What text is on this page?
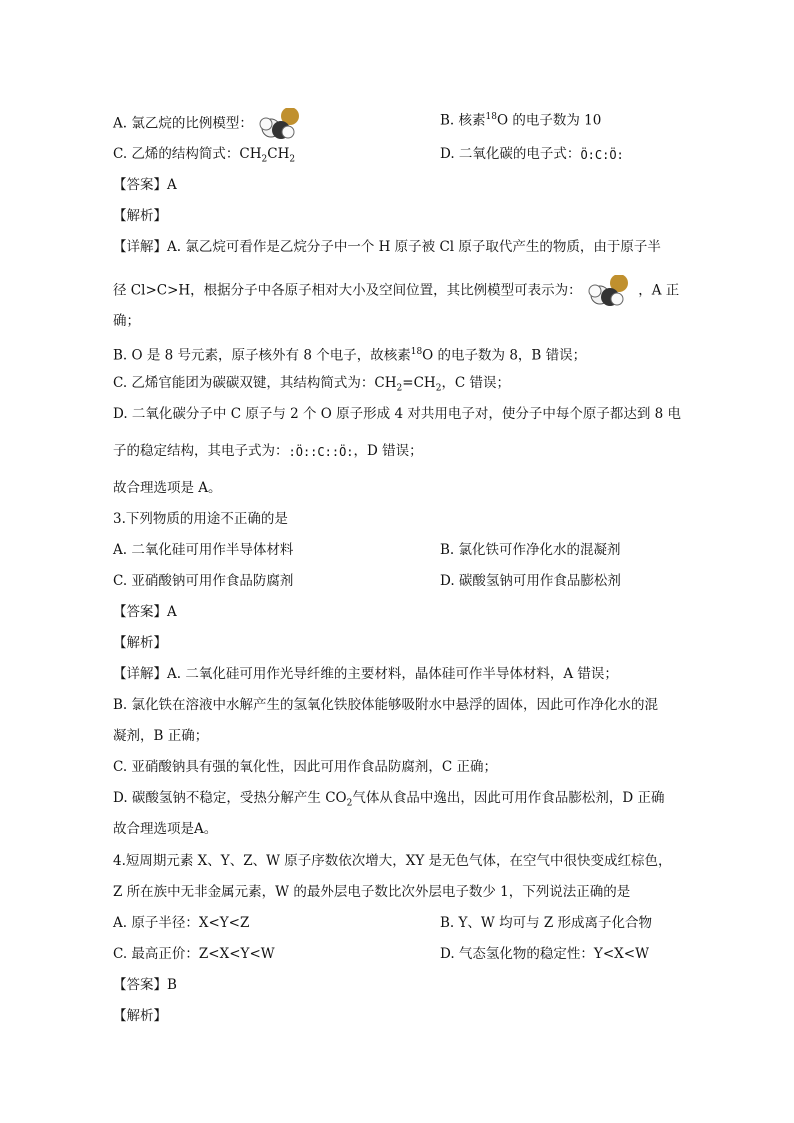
A. 氯乙烷的比例模型：	B. 核素$^{18}$O 的电子数为 10
C. 乙烯的结构简式：$CH_2CH_2$	D. 二氧化碳的电子式：Ö:C:Ö:
【答案】A
【解析】
【详解】A. 氯乙烷可看作是乙烷分子中一个 H 原子被 Cl 原子取代产生的物质，由于原子半
径 Cl>C>H，根据分子中各原子相对大小及空间位置，其比例模型可表示为：	，A 正
确；
B. O 是 8 号元素，原子核外有 8 个电子，故核素$^{18}$O 的电子数为 8，B 错误；
C. 乙烯官能团为碳碳双键，其结构简式为：$CH_2=CH_2$，C 错误；
D. 二氧化碳分子中 C 原子与 2 个 O 原子形成 4 对共用电子对，使分子中每个原子都达到 8 电
子的稳定结构，其电子式为：:Ö::C::Ö:，D 错误；
故合理选项是 A。
3.下列物质的用途不正确的是
A. 二氧化硅可用作半导体材料	B. 氯化铁可作净化水的混凝剂
C. 亚硝酸钠可用作食品防腐剂	D. 碳酸氢钠可用作食品膨松剂
【答案】A
【解析】
【详解】A. 二氧化硅可用作光导纤维的主要材料，晶体硅可作半导体材料，A 错误；
B. 氯化铁在溶液中水解产生的氢氧化铁胶体能够吸附水中悬浮的固体，因此可作净化水的混
凝剂，B 正确；
C. 亚硝酸钠具有强的氧化性，因此可用作食品防腐剂，C 正确；
D. 碳酸氢钠不稳定，受热分解产生 $CO_2$气体从食品中逸出，因此可用作食品膨松剂，D 正确
故合理选项是A。
4.短周期元素 X、Y、Z、W 原子序数依次增大，XY 是无色气体，在空气中很快变成红棕色，
Z 所在族中无非金属元素，W 的最外层电子数比次外层电子数少 1，下列说法正确的是
A. 原子半径：X<Y<Z	B. Y、W 均可与 Z 形成离子化合物
C. 最高正价：Z<X<Y<W	D. 气态氢化物的稳定性：Y<X<W
【答案】B
【解析】
